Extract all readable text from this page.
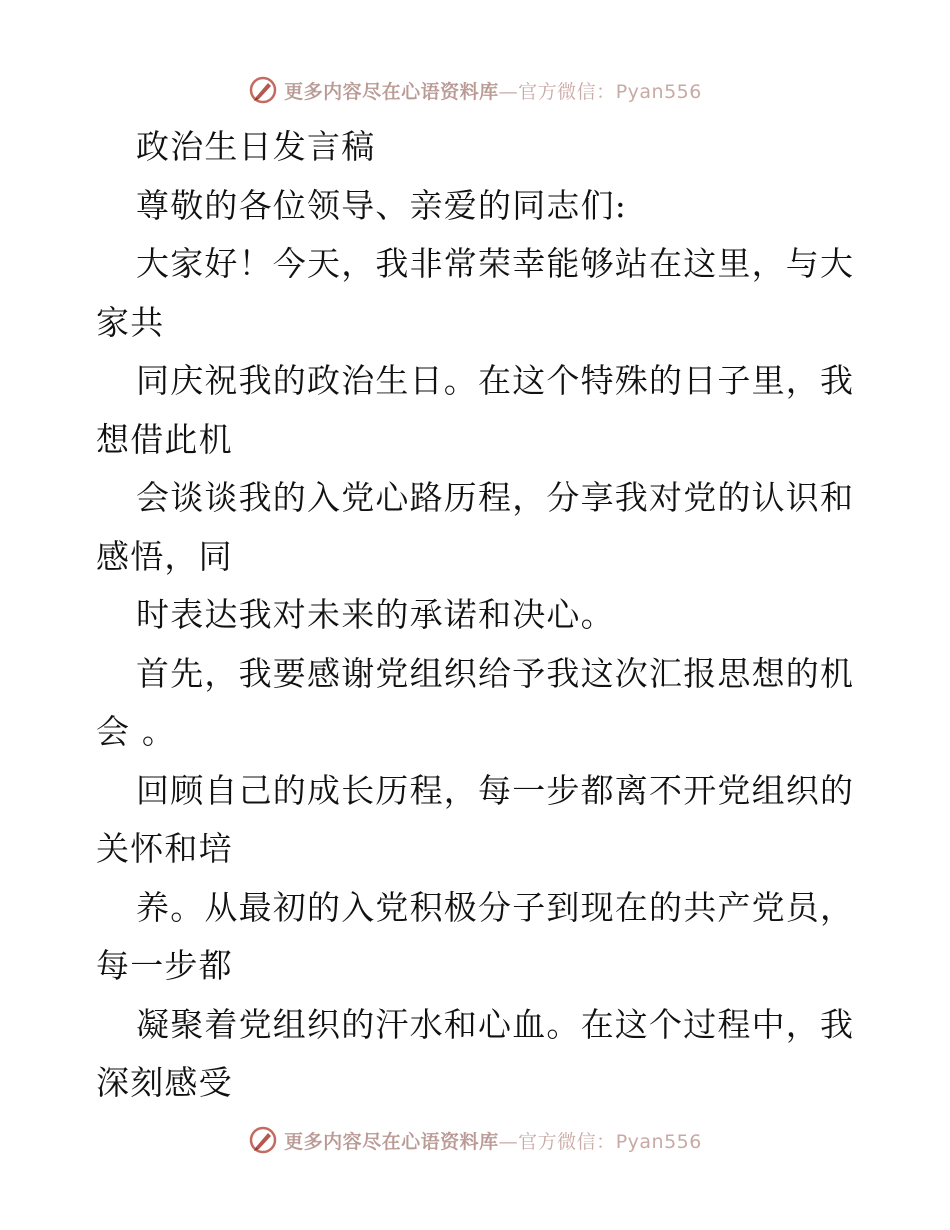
更多内容尽在心语资料库—官方微信：Pyan556
政治生日发言稿
尊敬的各位领导、亲爱的同志们:
大家好！今天，我非常荣幸能够站在这里，与大
家共
同庆祝我的政治生日。在这个特殊的日子里，我
想借此机
会谈谈我的入党心路历程，分享我对党的认识和
感悟，同
时表达我对未来的承诺和决心。
首先，我要感谢党组织给予我这次汇报思想的机
会 。
回顾自己的成长历程，每一步都离不开党组织的
关怀和培
养。从最初的入党积极分子到现在的共产党员，
每一步都
凝聚着党组织的汗水和心血。在这个过程中，我
深刻感受
更多内容尽在心语资料库—官方微信：Pyan556
